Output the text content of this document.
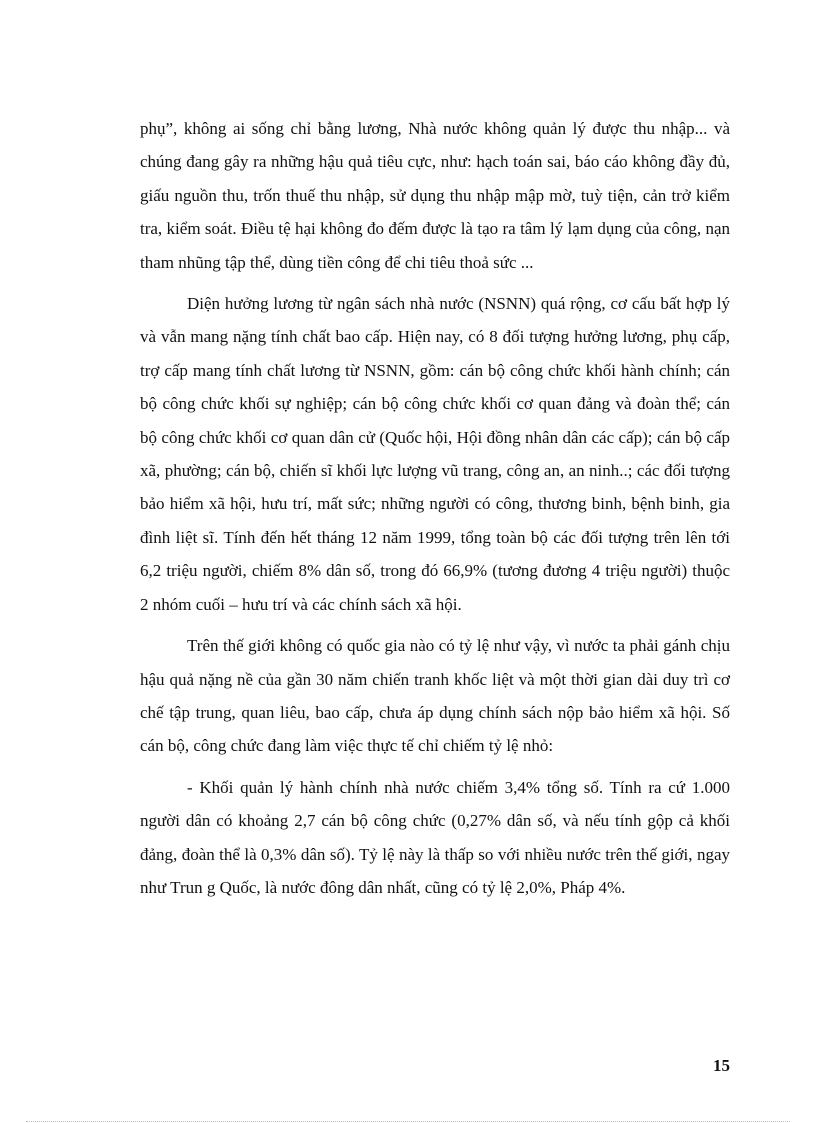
phụ”, không ai sống chỉ bằng lương, Nhà nước không quản lý được thu nhập... và chúng đang gây ra những hậu quả tiêu cực, như: hạch toán sai, báo cáo không đầy đủ, giấu nguồn thu, trốn thuế thu nhập, sử dụng thu nhập mập mờ, tuỳ tiện, cản trở kiểm tra, kiểm soát. Điều tệ hại không đo đếm được là tạo ra tâm lý lạm dụng của công, nạn tham nhũng tập thể, dùng tiền công để chi tiêu thoả sức ...

Diện hưởng lương từ ngân sách nhà nước (NSNN) quá rộng, cơ cấu bất hợp lý và vẫn mang nặng tính chất bao cấp. Hiện nay, có 8 đối tượng hưởng lương, phụ cấp, trợ cấp mang tính chất lương từ NSNN, gồm: cán bộ công chức khối hành chính; cán bộ công chức khối sự nghiệp; cán bộ công chức khối cơ quan đảng và đoàn thể; cán bộ công chức khối cơ quan dân cử (Quốc hội, Hội đồng nhân dân các cấp); cán bộ cấp xã, phường; cán bộ, chiến sĩ khối lực lượng vũ trang, công an, an ninh..; các đối tượng bảo hiểm xã hội, hưu trí, mất sức; những người có công, thương binh, bệnh binh, gia đình liệt sĩ. Tính đến hết tháng 12 năm 1999, tổng toàn bộ các đối tượng trên lên tới 6,2 triệu người, chiếm 8% dân số, trong đó 66,9% (tương đương 4 triệu người) thuộc 2 nhóm cuối – hưu trí và các chính sách xã hội.

Trên thế giới không có quốc gia nào có tỷ lệ như vậy, vì nước ta phải gánh chịu hậu quả nặng nề của gần 30 năm chiến tranh khốc liệt và một thời gian dài duy trì cơ chế tập trung, quan liêu, bao cấp, chưa áp dụng chính sách nộp bảo hiểm xã hội. Số cán bộ, công chức đang làm việc thực tế chỉ chiếm tỷ lệ nhỏ:

- Khối quản lý hành chính nhà nước chiếm 3,4% tổng số. Tính ra cứ 1.000 người dân có khoảng 2,7 cán bộ công chức (0,27% dân số, và nếu tính gộp cả khối đảng, đoàn thể là 0,3% dân số). Tỷ lệ này là thấp so với nhiều nước trên thế giới, ngay như Trun g Quốc, là nước đông dân nhất, cũng có tỷ lệ 2,0%, Pháp 4%.

15
